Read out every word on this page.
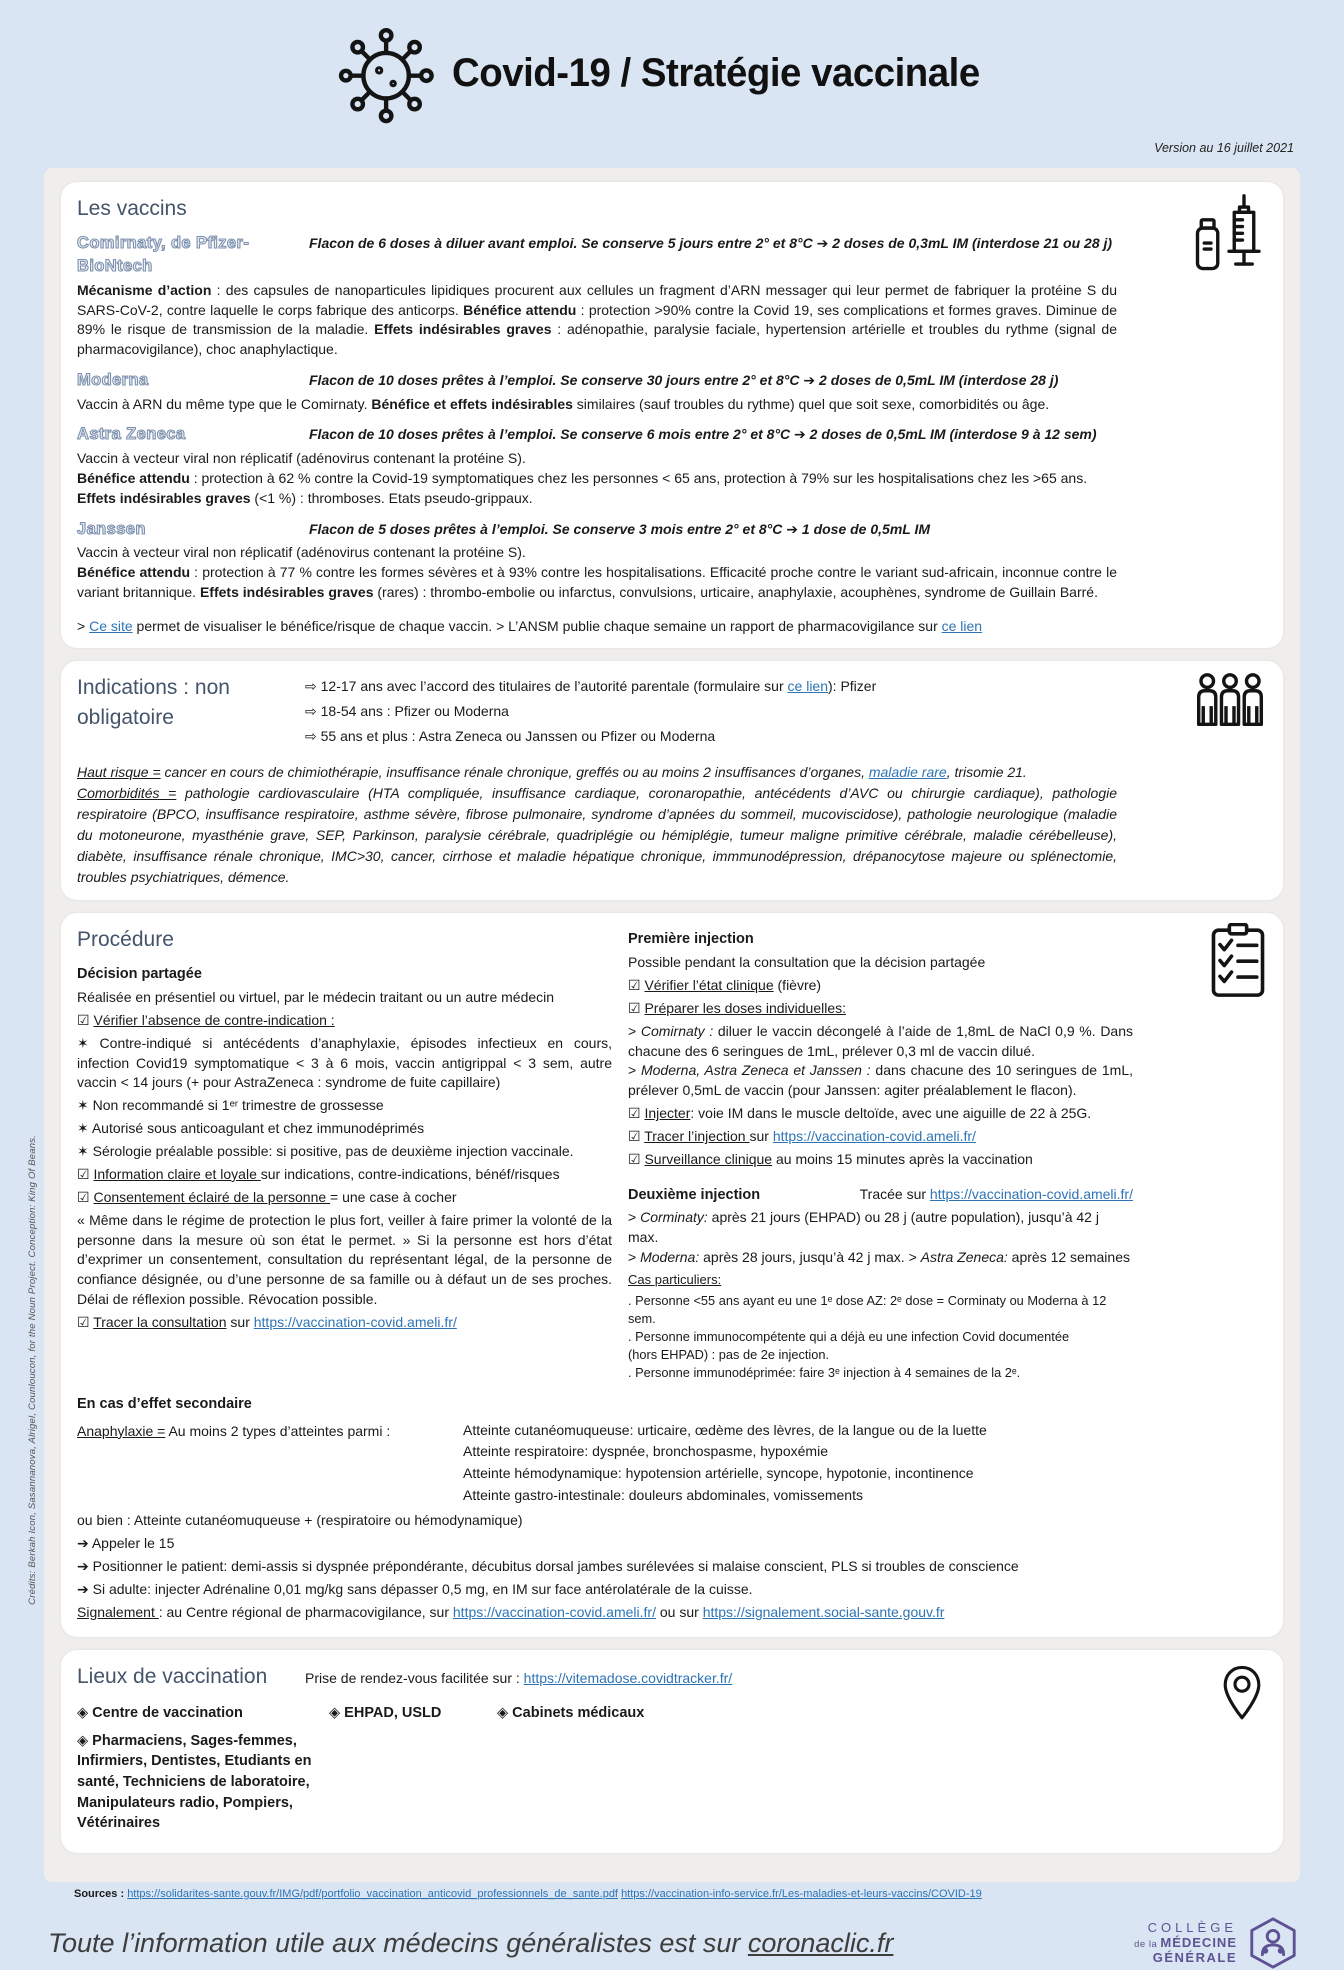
Crédits: Berkah Icon, Sasannanova, Alrigel, Counloucon, for the Noun Project. Conception: King Of Beans.
Covid-19 / Stratégie vaccinale
Version au 16 juillet 2021
Les vaccins
Comirnaty, de Pfizer-BioNtech
Flacon de 6 doses à diluer avant emploi. Se conserve 5 jours entre 2° et 8°C ➔ 2 doses de 0,3mL IM (interdose 21 ou 28 j)

Mécanisme d’action : des capsules de nanoparticules lipidiques procurent aux cellules un fragment d’ARN messager qui leur permet de fabriquer la protéine S du SARS-CoV-2, contre laquelle le corps fabrique des anticorps. Bénéfice attendu : protection >90% contre la Covid 19, ses complications et formes graves. Diminue de 89% le risque de transmission de la maladie. Effets indésirables graves : adénopathie, paralysie faciale, hypertension artérielle et troubles du rythme (signal de pharmacovigilance), choc anaphylactique.

Moderna	Flacon de 10 doses prêtes à l’emploi. Se conserve 30 jours entre 2° et 8°C ➔ 2 doses de 0,5mL IM (interdose 28 j)

Vaccin à ARN du même type que le Comirnaty. Bénéfice et effets indésirables similaires (sauf troubles du rythme) quel que soit sexe, comorbidités ou âge.

Astra Zeneca	Flacon de 10 doses prêtes à l’emploi. Se conserve 6 mois entre 2° et 8°C ➔ 2 doses de 0,5mL IM (interdose 9 à 12 sem)

Vaccin à vecteur viral non réplicatif (adénovirus contenant la protéine S).
Bénéfice attendu : protection à 62 % contre la Covid-19 symptomatiques chez les personnes < 65 ans, protection à 79% sur les hospitalisations chez les >65 ans.
Effets indésirables graves (<1 %) : thromboses. Etats pseudo-grippaux.

Janssen	Flacon de 5 doses prêtes à l’emploi. Se conserve 3 mois entre 2° et 8°C ➔ 1 dose de 0,5mL IM

Vaccin à vecteur viral non réplicatif (adénovirus contenant la protéine S).
Bénéfice attendu : protection à 77 % contre les formes sévères et à 93% contre les hospitalisations. Efficacité proche contre le variant sud-africain, inconnue contre le variant britannique. Effets indésirables graves (rares) : thrombo-embolie ou infarctus, convulsions, urticaire, anaphylaxie, acouphènes, syndrome de Guillain Barré.

> Ce site permet de visualiser le bénéfice/risque de chaque vaccin. > L’ANSM publie chaque semaine un rapport de pharmacovigilance sur ce lien

Indications : non obligatoire

⇨ 12-17 ans avec l’accord des titulaires de l’autorité parentale (formulaire sur ce lien): Pfizer

⇨ 18-54 ans : Pfizer ou Moderna

⇨ 55 ans et plus : Astra Zeneca ou Janssen ou Pfizer ou Moderna

Haut risque = cancer en cours de chimiothérapie, insuffisance rénale chronique, greffés ou au moins 2 insuffisances d’organes, maladie rare, trisomie 21.
Comorbidités = pathologie cardiovasculaire (HTA compliquée, insuffisance cardiaque, coronaropathie, antécédents d’AVC ou chirurgie cardiaque), pathologie respiratoire (BPCO, insuffisance respiratoire, asthme sévère, fibrose pulmonaire, syndrome d’apnées du sommeil, mucoviscidose), pathologie neurologique (maladie du motoneurone, myasthénie grave, SEP, Parkinson, paralysie cérébrale, quadriplégie ou hémiplégie, tumeur maligne primitive cérébrale, maladie cérébelleuse), diabète, insuffisance rénale chronique, IMC>30, cancer, cirrhose et maladie hépatique chronique, immmunodépression, drépanocytose majeure ou splénectomie, troubles psychiatriques, démence.

Procédure
Décision partagée

Réalisée en présentiel ou virtuel, par le médecin traitant ou un autre médecin

☑ Vérifier l’absence de contre-indication :

✶ Contre-indiqué si antécédents d’anaphylaxie, épisodes infectieux en cours, infection Covid19 symptomatique < 3 à 6 mois, vaccin antigrippal < 3 sem, autre vaccin < 14 jours (+ pour AstraZeneca : syndrome de fuite capillaire)

✶ Non recommandé si 1ᵉʳ trimestre de grossesse

✶ Autorisé sous anticoagulant et chez immunodéprimés

✶ Sérologie préalable possible: si positive, pas de deuxième injection vaccinale.

☑ Information claire et loyale sur indications, contre-indications, bénéf/risques

☑ Consentement éclairé de la personne = une case à cocher

« Même dans le régime de protection le plus fort, veiller à faire primer la volonté de la personne dans la mesure où son état le permet. » Si la personne est hors d’état d’exprimer un consentement, consultation du représentant légal, de la personne de confiance désignée, ou d’une personne de sa famille ou à défaut un de ses proches. Délai de réflexion possible. Révocation possible.

☑ Tracer la consultation sur https://vaccination-covid.ameli.fr/

Première injection

Possible pendant la consultation que la décision partagée

☑ Vérifier l’état clinique (fièvre)

☑ Préparer les doses individuelles:

> Comirnaty : diluer le vaccin décongelé à l’aide de 1,8mL de NaCl 0,9 %. Dans chacune des 6 seringues de 1mL, prélever 0,3 ml de vaccin dilué.
> Moderna, Astra Zeneca et Janssen : dans chacune des 10 seringues de 1mL, prélever 0,5mL de vaccin (pour Janssen: agiter préalablement le flacon).

☑ Injecter: voie IM dans le muscle deltoïde, avec une aiguille de 22 à 25G.

☑ Tracer l’injection sur https://vaccination-covid.ameli.fr/

☑ Surveillance clinique au moins 15 minutes après la vaccination

Deuxième injection	Tracée sur https://vaccination-covid.ameli.fr/

> Corminaty: après 21 jours (EHPAD) ou 28 j (autre population), jusqu’à 42 j max.
> Moderna: après 28 jours, jusqu’à 42 j max. > Astra Zeneca: après 12 semaines

Cas particuliers:

. Personne <55 ans ayant eu une 1ᵉ dose AZ: 2ᵉ dose = Corminaty ou Moderna à 12 sem.
. Personne immunocompétente qui a déjà eu une infection Covid documentée
(hors EHPAD) : pas de 2e injection.
. Personne immunodéprimée: faire 3ᵉ injection à 4 semaines de la 2ᵉ.

En cas d’effet secondaire

Anaphylaxie = Au moins 2 types d’atteintes parmi :	Atteinte cutanéomuqueuse: urticaire, œdème des lèvres, de la langue ou de la luette

Atteinte respiratoire: dyspnée, bronchospasme, hypoxémie

Atteinte hémodynamique: hypotension artérielle, syncope, hypotonie, incontinence

Atteinte gastro-intestinale: douleurs abdominales, vomissements

ou bien : Atteinte cutanéomuqueuse + (respiratoire ou hémodynamique)

➔ Appeler le 15

➔ Positionner le patient: demi-assis si dyspnée prépondérante, décubitus dorsal jambes surélevées si malaise conscient, PLS si troubles de conscience

➔ Si adulte: injecter Adrénaline 0,01 mg/kg sans dépasser 0,5 mg, en IM sur face antérolatérale de la cuisse.

Signalement : au Centre régional de pharmacovigilance, sur https://vaccination-covid.ameli.fr/ ou sur https://signalement.social-sante.gouv.fr

Lieux de vaccination	Prise de rendez-vous facilitée sur : https://vitemadose.covidtracker.fr/

◈ Centre de vaccination	◈ EHPAD, USLD	◈ Cabinets médicaux
◈ Pharmaciens, Sages-femmes, Infirmiers, Dentistes, Etudiants en santé, Techniciens de laboratoire, Manipulateurs radio, Pompiers, Vétérinaires

Sources : https://solidarites-sante.gouv.fr/IMG/pdf/portfolio_vaccination_anticovid_professionnels_de_sante.pdf https://vaccination-info-service.fr/Les-maladies-et-leurs-vaccins/COVID-19

Toute l’information utile aux médecins généralistes est sur coronaclic.fr

COLLÈGE
de la MÉDECINE
GÉNÉRALE
